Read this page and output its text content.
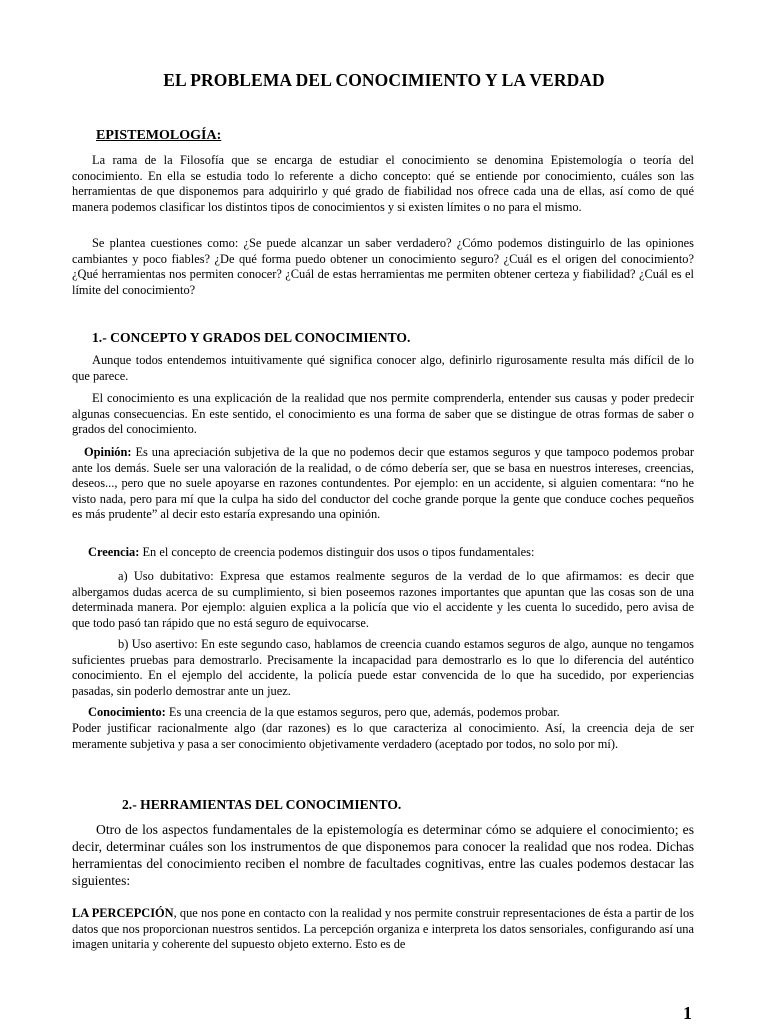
EL PROBLEMA DEL CONOCIMIENTO Y LA VERDAD
EPISTEMOLOGÍA:

La rama de la Filosofía que se encarga de estudiar el conocimiento se denomina Epistemología o teoría del conocimiento. En ella se estudia todo lo referente a dicho concepto: qué se entiende por conocimiento, cuáles son las herramientas de que disponemos para adquirirlo y qué grado de fiabilidad nos ofrece cada una de ellas, así como de qué manera podemos clasificar los distintos tipos de conocimientos y si existen límites o no para el mismo.

Se plantea cuestiones como: ¿Se puede alcanzar un saber verdadero? ¿Cómo podemos distinguirlo de las opiniones cambiantes y poco fiables? ¿De qué forma puedo obtener un conocimiento seguro? ¿Cuál es el origen del conocimiento? ¿Qué herramientas nos permiten conocer? ¿Cuál de estas herramientas me permiten obtener certeza y fiabilidad? ¿Cuál es el límite del conocimiento?

1.- CONCEPTO Y GRADOS DEL CONOCIMIENTO.

Aunque todos entendemos intuitivamente qué significa conocer algo, definirlo rigurosamente resulta más difícil de lo que parece.

El conocimiento es una explicación de la realidad que nos permite comprenderla, entender sus causas y poder predecir algunas consecuencias. En este sentido, el conocimiento es una forma de saber que se distingue de otras formas de saber o grados del conocimiento.

Opinión: Es una apreciación subjetiva de la que no podemos decir que estamos seguros y que tampoco podemos probar ante los demás. Suele ser una valoración de la realidad, o de cómo debería ser, que se basa en nuestros intereses, creencias, deseos..., pero que no suele apoyarse en razones contundentes. Por ejemplo: en un accidente, si alguien comentara: “no he visto nada, pero para mí que la culpa ha sido del conductor del coche grande porque la gente que conduce coches pequeños es más prudente” al decir esto estaría expresando una opinión.

Creencia: En el concepto de creencia podemos distinguir dos usos o tipos fundamentales:

a) Uso dubitativo: Expresa que estamos realmente seguros de la verdad de lo que afirmamos: es decir que albergamos dudas acerca de su cumplimiento, si bien poseemos razones importantes que apuntan que las cosas son de una determinada manera. Por ejemplo: alguien explica a la policía que vio el accidente y les cuenta lo sucedido, pero avisa de que todo pasó tan rápido que no está seguro de equivocarse.

b) Uso asertivo: En este segundo caso, hablamos de creencia cuando estamos seguros de algo, aunque no tengamos suficientes pruebas para demostrarlo. Precisamente la incapacidad para demostrarlo es lo que lo diferencia del auténtico conocimiento. En el ejemplo del accidente, la policía puede estar convencida de lo que ha sucedido, por experiencias pasadas, sin poderlo demostrar ante un juez.

Conocimiento: Es una creencia de la que estamos seguros, pero que, además, podemos probar.

Poder justificar racionalmente algo (dar razones) es lo que caracteriza al conocimiento. Así, la creencia deja de ser meramente subjetiva y pasa a ser conocimiento objetivamente verdadero (aceptado por todos, no solo por mí).

2.- HERRAMIENTAS DEL CONOCIMIENTO.

Otro de los aspectos fundamentales de la epistemología es determinar cómo se adquiere el conocimiento; es decir, determinar cuáles son los instrumentos de que disponemos para conocer la realidad que nos rodea. Dichas herramientas del conocimiento reciben el nombre de facultades cognitivas, entre las cuales podemos destacar las siguientes:

LA PERCEPCIÓN, que nos pone en contacto con la realidad y nos permite construir representaciones de ésta a partir de los datos que nos proporcionan nuestros sentidos. La percepción organiza e interpreta los datos sensoriales, configurando así una imagen unitaria y coherente del supuesto objeto externo. Esto es de

1
